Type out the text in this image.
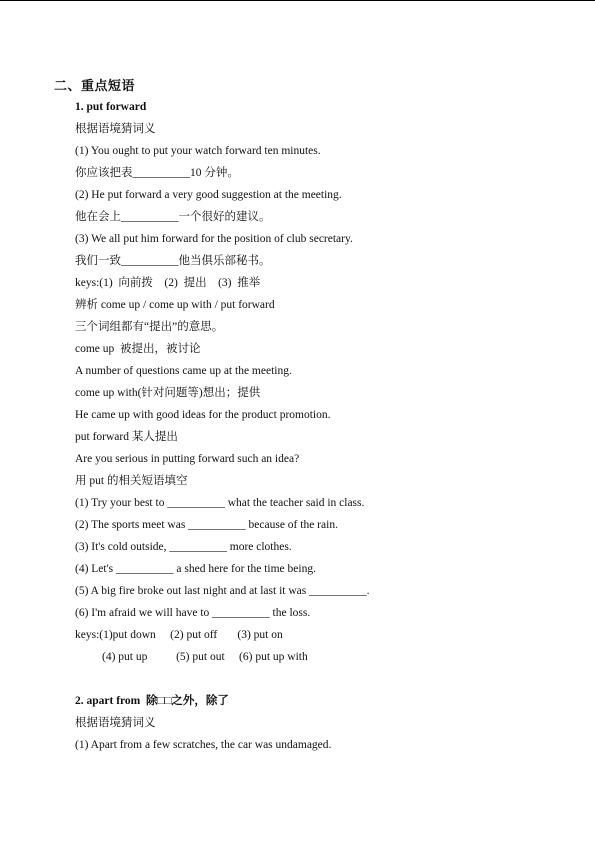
二、重点短语
1. put forward
根据语境猜词义
(1) You ought to put your watch forward ten minutes.
你应该把表__________10 分钟。
(2) He put forward a very good suggestion at the meeting.
他在会上__________一个很好的建议。
(3) We all put him forward for the position of club secretary.
我们一致__________他当俱乐部秘书。
keys:(1)  向前拨    (2)  提出    (3)  推举
辨析 come up / come up with / put forward
三个词组都有“提出”的意思。
come up  被提出，被讨论
A number of questions came up at the meeting.
come up with(针对问题等)想出；提供
He came up with good ideas for the product promotion.
put forward 某人提出
Are you serious in putting forward such an idea?
用 put 的相关短语填空
(1) Try your best to __________ what the teacher said in class.
(2) The sports meet was __________ because of the rain.
(3) It's cold outside, __________ more clothes.
(4) Let's __________ a shed here for the time being.
(5) A big fire broke out last night and at last it was __________.
(6) I'm afraid we will have to __________ the loss.
keys:(1)put down     (2) put off       (3) put on
(4) put up          (5) put out     (6) put up with
2. apart from  除□□之外，除了
根据语境猜词义
(1) Apart from a few scratches, the car was undamaged.
